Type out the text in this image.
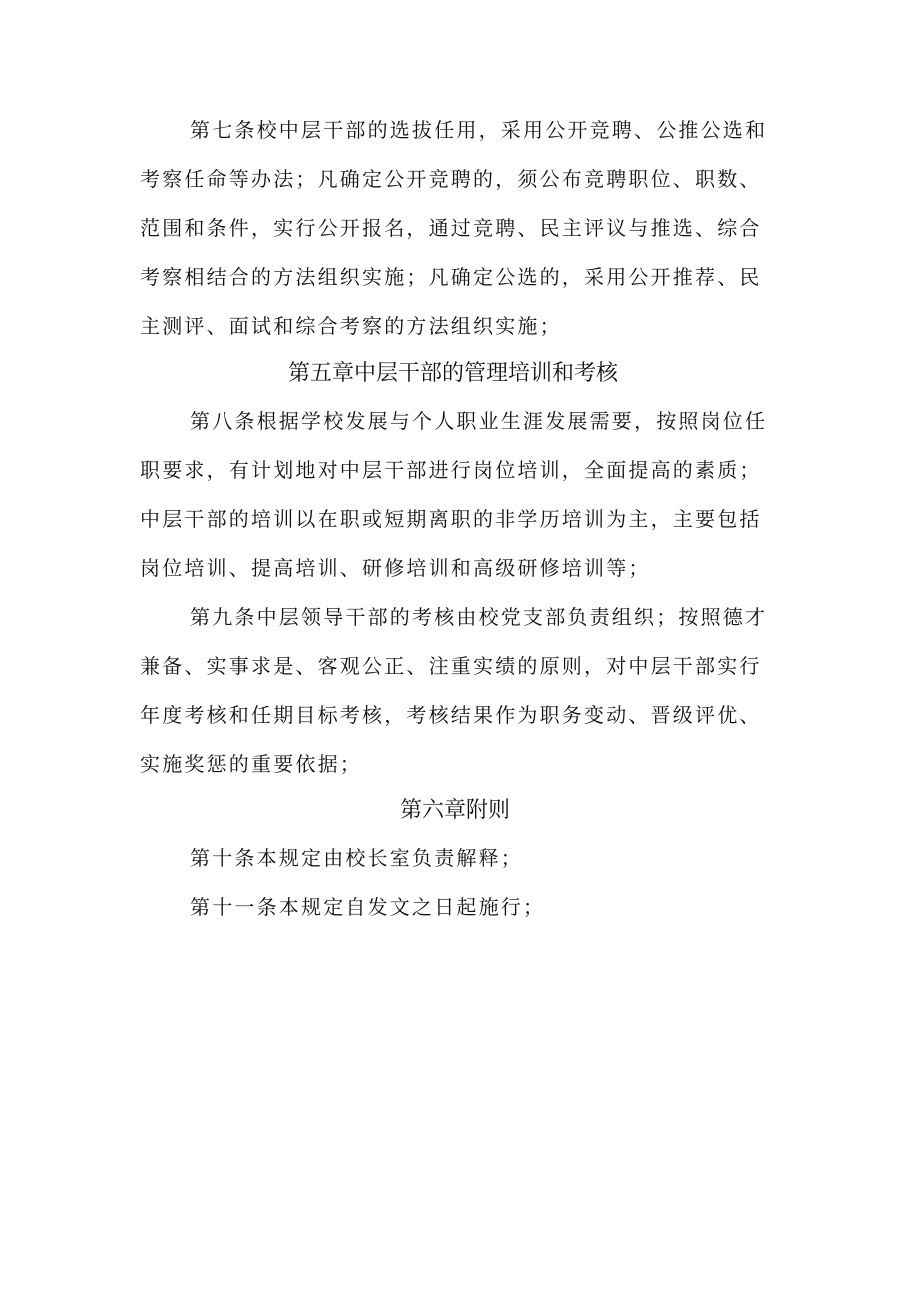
第七条校中层干部的选拔任用，采用公开竞聘、公推公选和
考察任命等办法；凡确定公开竞聘的，须公布竞聘职位、职数、
范围和条件，实行公开报名，通过竞聘、民主评议与推选、综合
考察相结合的方法组织实施；凡确定公选的，采用公开推荐、民
主测评、面试和综合考察的方法组织实施；
第五章中层干部的管理培训和考核
第八条根据学校发展与个人职业生涯发展需要，按照岗位任
职要求，有计划地对中层干部进行岗位培训，全面提高的素质；
中层干部的培训以在职或短期离职的非学历培训为主，主要包括
岗位培训、提高培训、研修培训和高级研修培训等；
第九条中层领导干部的考核由校党支部负责组织；按照德才
兼备、实事求是、客观公正、注重实绩的原则，对中层干部实行
年度考核和任期目标考核，考核结果作为职务变动、晋级评优、
实施奖惩的重要依据；
第六章附则
第十条本规定由校长室负责解释；
第十一条本规定自发文之日起施行；
